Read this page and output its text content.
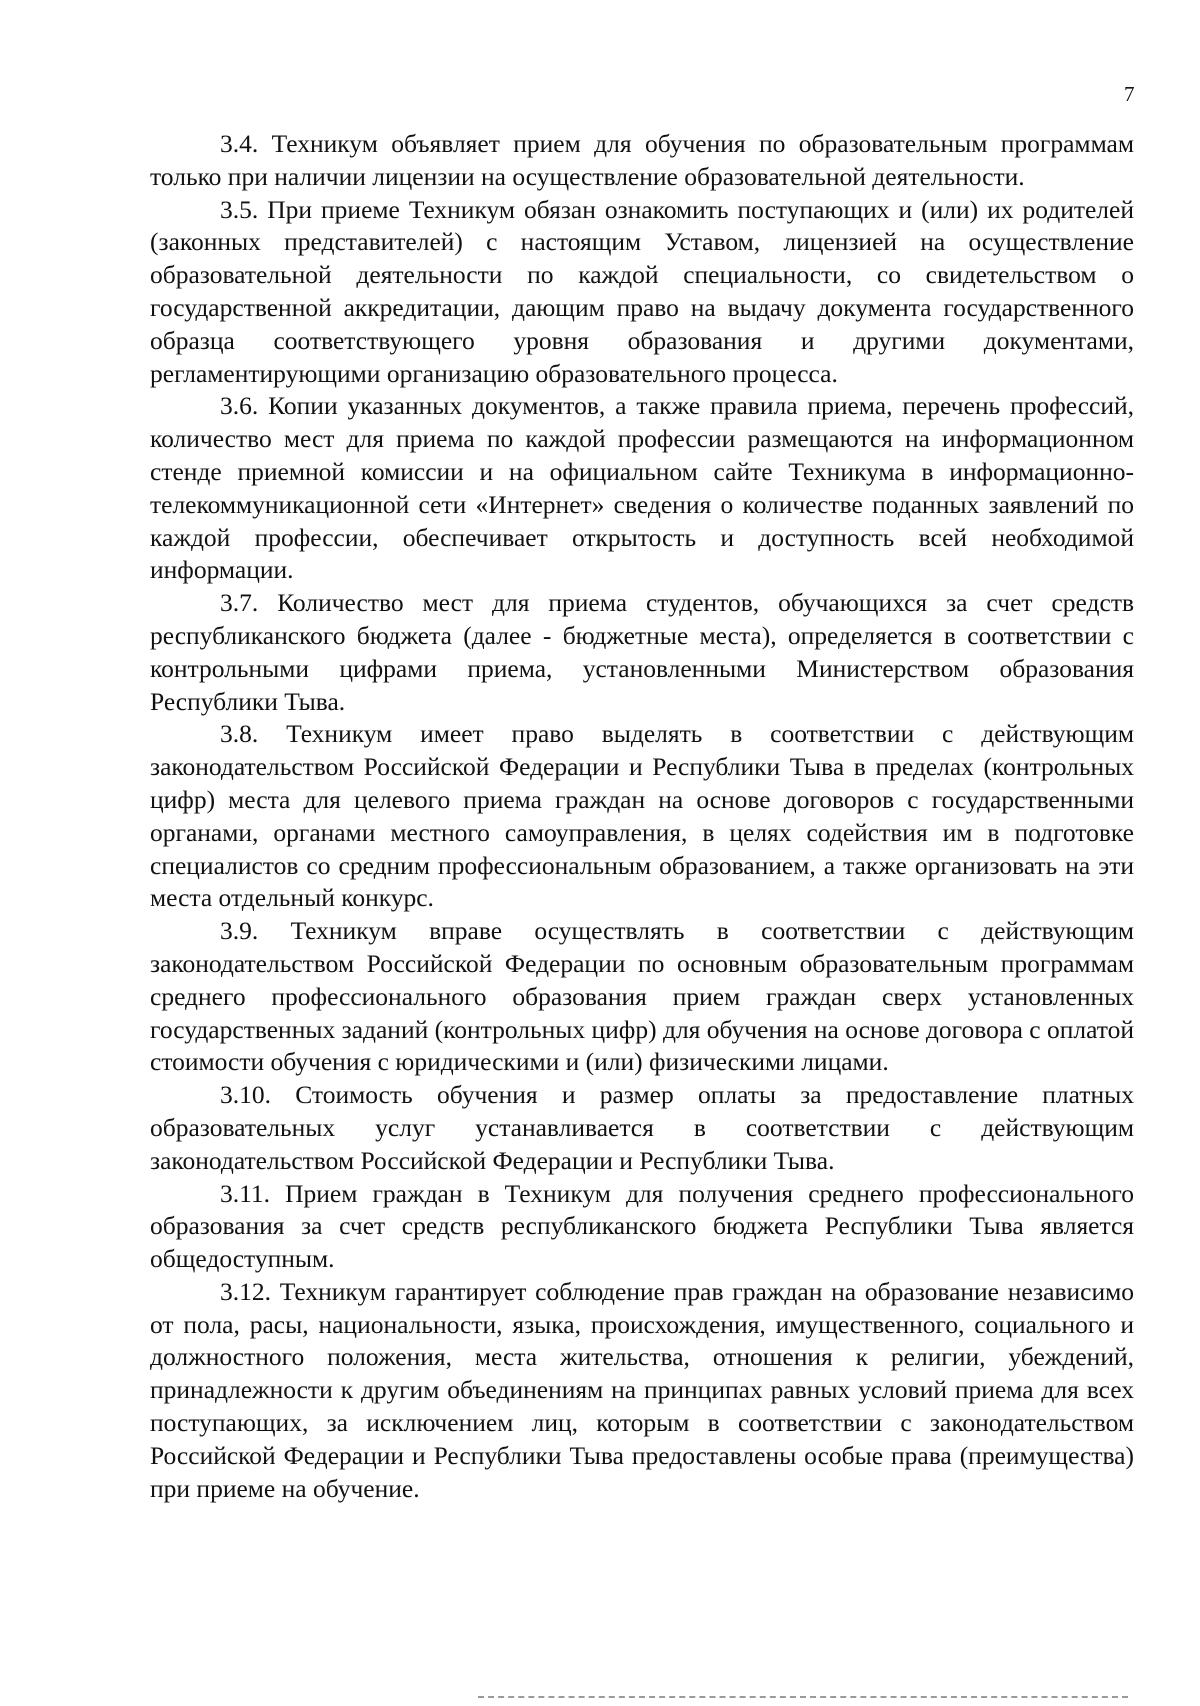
7

3.4. Техникум объявляет прием для обучения по образовательным программам только при наличии лицензии на осуществление образовательной деятельности.

3.5. При приеме Техникум обязан ознакомить поступающих и (или) их родителей (законных представителей) с настоящим Уставом, лицензией на осуществление образовательной деятельности по каждой специальности, со свидетельством о государственной аккредитации, дающим право на выдачу документа государственного образца соответствующего уровня образования и другими документами, регламентирующими организацию образовательного процесса.

3.6. Копии указанных документов, а также правила приема, перечень профессий, количество мест для приема по каждой профессии размещаются на информационном стенде приемной комиссии и на официальном сайте Техникума в информационно-телекоммуникационной сети «Интернет» сведения о количестве поданных заявлений по каждой профессии, обеспечивает открытость и доступность всей необходимой информации.

3.7. Количество мест для приема студентов, обучающихся за счет средств республиканского бюджета (далее - бюджетные места), определяется в соответствии с контрольными цифрами приема, установленными Министерством образования Республики Тыва.

3.8. Техникум имеет право выделять в соответствии с действующим законодательством Российской Федерации и Республики Тыва в пределах (контрольных цифр) места для целевого приема граждан на основе договоров с государственными органами, органами местного самоуправления, в целях содействия им в подготовке специалистов со средним профессиональным образованием, а также организовать на эти места отдельный конкурс.

3.9. Техникум вправе осуществлять в соответствии с действующим законодательством Российской Федерации по основным образовательным программам среднего профессионального образования прием граждан сверх установленных государственных заданий (контрольных цифр) для обучения на основе договора с оплатой стоимости обучения с юридическими и (или) физическими лицами.

3.10. Стоимость обучения и размер оплаты за предоставление платных образовательных услуг устанавливается в соответствии с действующим законодательством Российской Федерации и Республики Тыва.

3.11. Прием граждан в Техникум для получения среднего профессионального образования за счет средств республиканского бюджета Республики Тыва является общедоступным.

3.12. Техникум гарантирует соблюдение прав граждан на образование независимо от пола, расы, национальности, языка, происхождения, имущественного, социального и должностного положения, места жительства, отношения к религии, убеждений, принадлежности к другим объединениям на принципах равных условий приема для всех поступающих, за исключением лиц, которым в соответствии с законодательством Российской Федерации и Республики Тыва предоставлены особые права (преимущества) при приеме на обучение.
